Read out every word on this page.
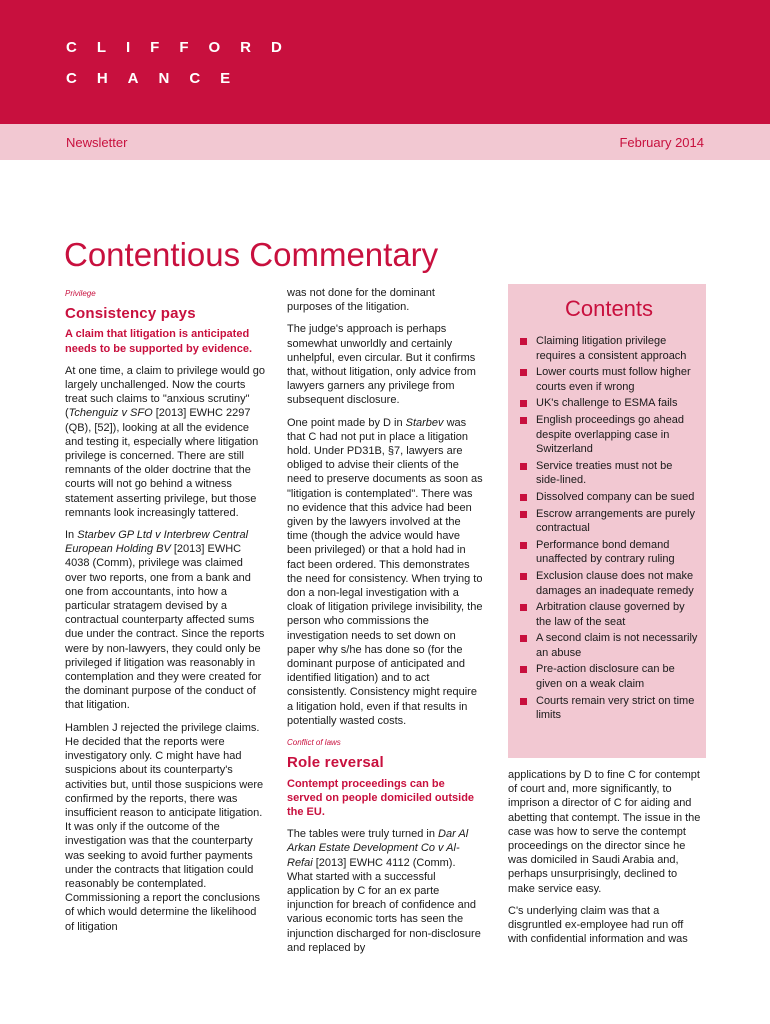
CLIFFORD
CHANCE
Newsletter	February 2014
Contentious Commentary
Privilege
Consistency pays
A claim that litigation is anticipated needs to be supported by evidence.

At one time, a claim to privilege would go largely unchallenged. Now the courts treat such claims to "anxious scrutiny" (Tchenguiz v SFO [2013] EWHC 2297 (QB), [52]), looking at all the evidence and testing it, especially where litigation privilege is concerned. There are still remnants of the older doctrine that the courts will not go behind a witness statement asserting privilege, but those remnants look increasingly tattered.

In Starbev GP Ltd v Interbrew Central European Holding BV [2013] EWHC 4038 (Comm), privilege was claimed over two reports, one from a bank and one from accountants, into how a particular stratagem devised by a contractual counterparty affected sums due under the contract. Since the reports were by non-lawyers, they could only be privileged if litigation was reasonably in contemplation and they were created for the dominant purpose of the conduct of that litigation.

Hamblen J rejected the privilege claims. He decided that the reports were investigatory only. C might have had suspicions about its counterparty's activities but, until those suspicions were confirmed by the reports, there was insufficient reason to anticipate litigation. It was only if the outcome of the investigation was that the counterparty was seeking to avoid further payments under the contracts that litigation could reasonably be contemplated. Commissioning a report the conclusions of which would determine the likelihood of litigation

was not done for the dominant purposes of the litigation.

The judge's approach is perhaps somewhat unworldly and certainly unhelpful, even circular. But it confirms that, without litigation, only advice from lawyers garners any privilege from subsequent disclosure.

One point made by D in Starbev was that C had not put in place a litigation hold. Under PD31B, §7, lawyers are obliged to advise their clients of the need to preserve documents as soon as "litigation is contemplated". There was no evidence that this advice had been given by the lawyers involved at the time (though the advice would have been privileged) or that a hold had in fact been ordered. This demonstrates the need for consistency. When trying to don a non-legal investigation with a cloak of litigation privilege invisibility, the person who commissions the investigation needs to set down on paper why s/he has done so (for the dominant purpose of anticipated and identified litigation) and to act consistently. Consistency might require a litigation hold, even if that results in potentially wasted costs.

Conflict of laws
Role reversal
Contempt proceedings can be served on people domiciled outside the EU.

The tables were truly turned in Dar Al Arkan Estate Development Co v Al-Refai [2013] EWHC 4112 (Comm). What started with a successful application by C for an ex parte injunction for breach of confidence and various economic torts has seen the injunction discharged for non-disclosure and replaced by

Contents
Claiming litigation privilege requires a consistent approach
Lower courts must follow higher courts even if wrong
UK's challenge to ESMA fails
English proceedings go ahead despite overlapping case in Switzerland
Service treaties must not be side-lined.
Dissolved company can be sued
Escrow arrangements are purely contractual
Performance bond demand unaffected by contrary ruling
Exclusion clause does not make damages an inadequate remedy
Arbitration clause governed by the law of the seat
A second claim is not necessarily an abuse
Pre-action disclosure can be given on a weak claim
Courts remain very strict on time limits

applications by D to fine C for contempt of court and, more significantly, to imprison a director of C for aiding and abetting that contempt. The issue in the case was how to serve the contempt proceedings on the director since he was domiciled in Saudi Arabia and, perhaps unsurprisingly, declined to make service easy.

C's underlying claim was that a disgruntled ex-employee had run off with confidential information and was
